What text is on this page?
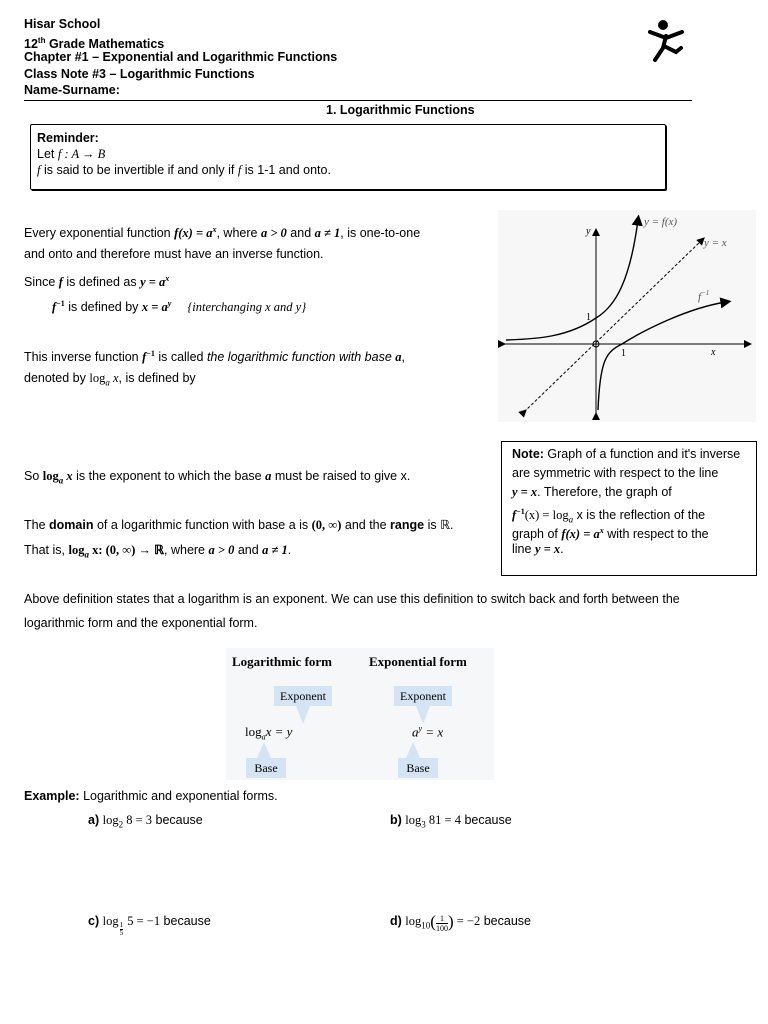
Hisar School
12th Grade Mathematics
Chapter #1 – Exponential and Logarithmic Functions
Class Note #3 – Logarithmic Functions
Name-Surname:
1. Logarithmic Functions
Reminder:
Let f : A → B
f is said to be invertible if and only if f is 1-1 and onto.
Every exponential function $f(x) = a^x$, where a > 0 and a ≠ 1, is one-to-one
and onto and therefore must have an inverse function.
Since f is defined as $y = a^x$
$f^{-1}$ is defined by $x = a^y$ {interchanging x and y}
This inverse function $f^{-1}$ is called the logarithmic function with base a,
denoted by $\log_a x$, is defined by
y
x
1
1
y = f(x)
y = x
$f^{-1}$
Note: Graph of a function and it's inverse
are symmetric with respect to the line
y = x. Therefore, the graph of
$f^{-1}(x) = \log_a x$ is the reflection of the
graph of $f(x) = a^x$ with respect to the
line y = x.
So $\log_a x$ is the exponent to which the base a must be raised to give x.
The domain of a logarithmic function with base a is (0, ∞) and the range is ℝ.
That is, $\log_a x$: (0, ∞) → ℝ, where a > 0 and a ≠ 1.
Above definition states that a logarithm is an exponent. We can use this definition to switch back and forth between the
logarithmic form and the exponential form.
Logarithmic form	Exponential form
Exponent	Exponent
$\log_ax = y$	$a^y = x$
Base	Base
Example: Logarithmic and exponential forms.
a) $\log_2 8 = 3$ because	b) $\log_3 81 = 4$ because
c) log
$\frac{1}{5}$
5 = −1 because	d) $\log_{10}( \frac{1}{100}$ ) = −2 because
